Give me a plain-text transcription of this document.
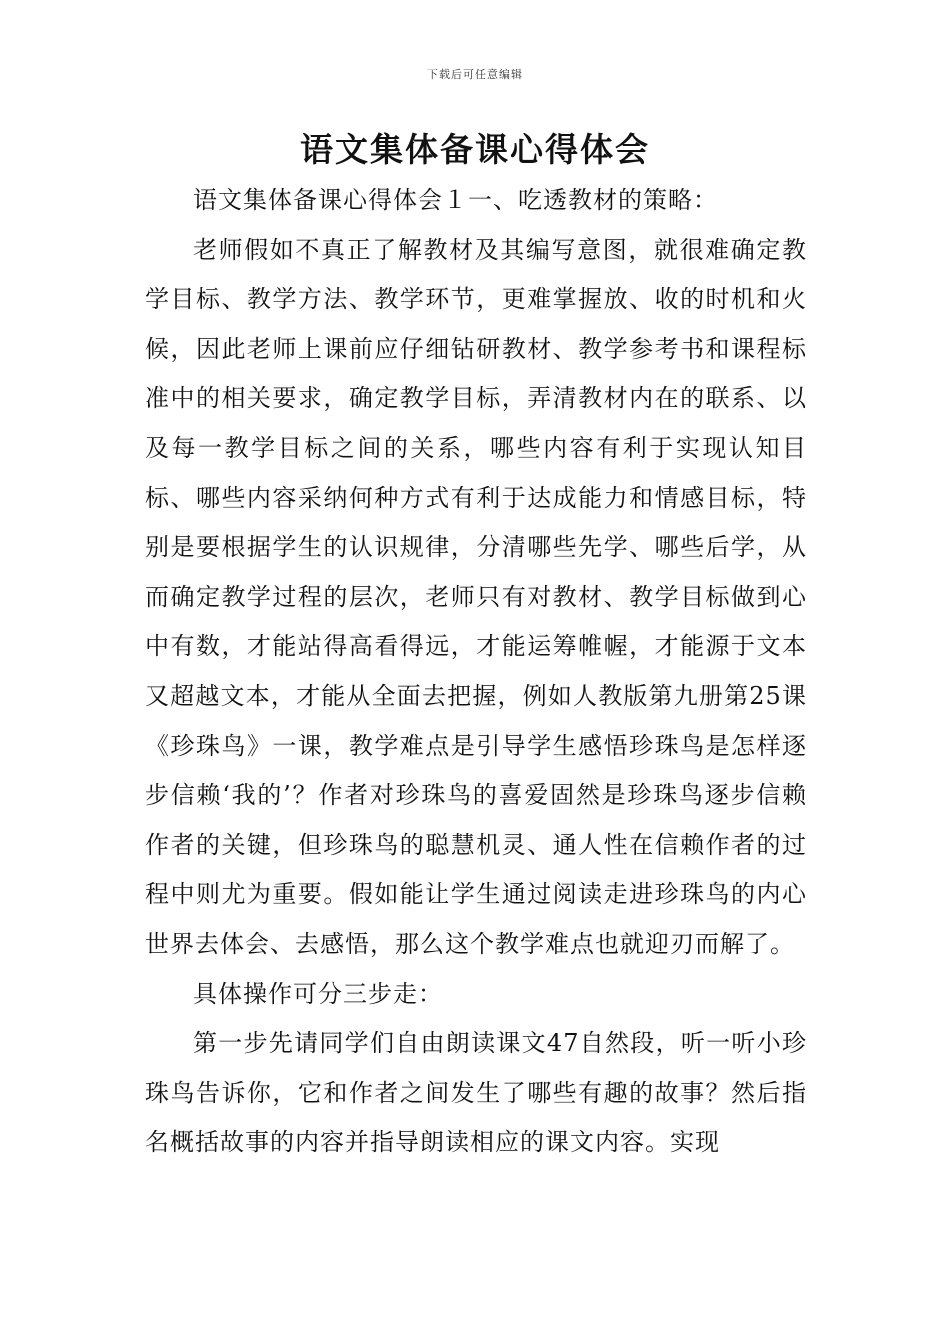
下载后可任意编辑
语文集体备课心得体会

语文集体备课心得体会１一、吃透教材的策略：

老师假如不真正了解教材及其编写意图，就很难确定教学目标、教学方法、教学环节，更难掌握放、收的时机和火候，因此老师上课前应仔细钻研教材、教学参考书和课程标准中的相关要求，确定教学目标，弄清教材内在的联系、以及每一教学目标之间的关系，哪些内容有利于实现认知目标、哪些内容采纳何种方式有利于达成能力和情感目标，特别是要根据学生的认识规律，分清哪些先学、哪些后学，从而确定教学过程的层次，老师只有对教材、教学目标做到心中有数，才能站得高看得远，才能运筹帷幄，才能源于文本又超越文本，才能从全面去把握，例如人教版第九册第25课《珍珠鸟》一课，教学难点是引导学生感悟珍珠鸟是怎样逐步信赖‘我的’？作者对珍珠鸟的喜爱固然是珍珠鸟逐步信赖作者的关键，但珍珠鸟的聪慧机灵、通人性在信赖作者的过程中则尤为重要。假如能让学生通过阅读走进珍珠鸟的内心世界去体会、去感悟，那么这个教学难点也就迎刃而解了。

具体操作可分三步走：

第一步先请同学们自由朗读课文47自然段，听一听小珍珠鸟告诉你，它和作者之间发生了哪些有趣的故事？然后指名概括故事的内容并指导朗读相应的课文内容。实现
